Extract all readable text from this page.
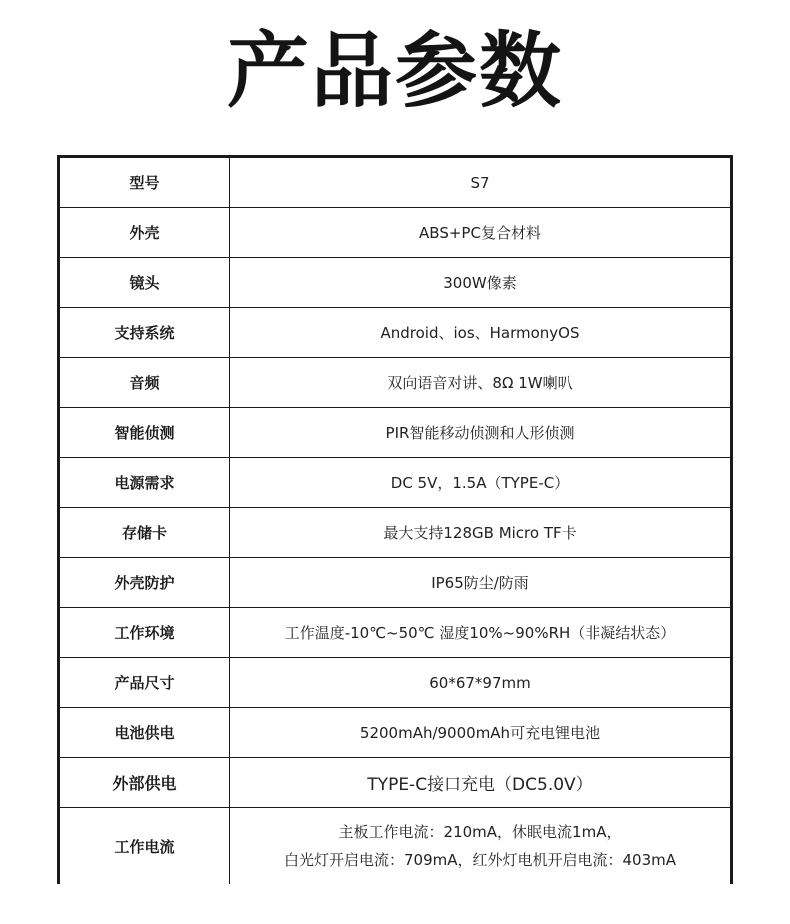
产品参数
型号	S7
外壳	ABS+PC复合材料
镜头	300W像素
支持系统	Android、ios、HarmonyOS
音频	双向语音对讲、8Ω 1W喇叭
智能侦测	PIR智能移动侦测和人形侦测
电源需求	DC 5V，1.5A（TYPE-C）
存储卡	最大支持128GB Micro TF卡
外壳防护	IP65防尘/防雨
工作环境	工作温度-10℃~50℃ 湿度10%~90%RH（非凝结状态）
产品尺寸	60*67*97mm
电池供电	5200mAh/9000mAh可充电锂电池
外部供电	TYPE-C接口充电（DC5.0V）
工作电流	主板工作电流：210mA，休眠电流1mA，
白光灯开启电流：709mA，红外灯电机开启电流：403mA
